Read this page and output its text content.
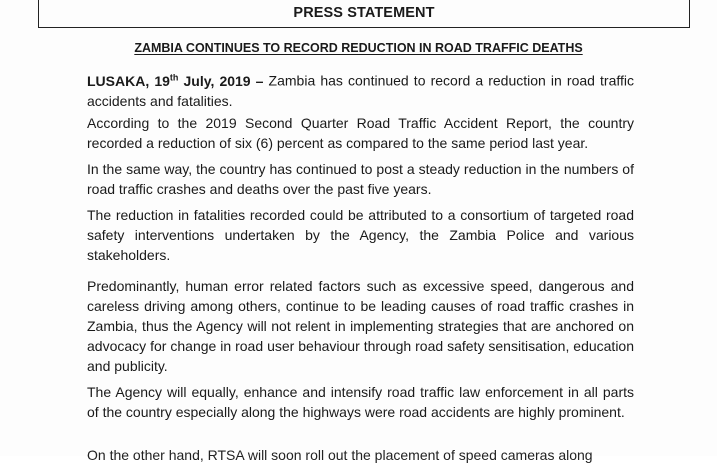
PRESS STATEMENT
ZAMBIA CONTINUES TO RECORD REDUCTION IN ROAD TRAFFIC DEATHS

LUSAKA, 19th July, 2019 – Zambia has continued to record a reduction in road traffic accidents and fatalities.

According to the 2019 Second Quarter Road Traffic Accident Report, the country recorded a reduction of six (6) percent as compared to the same period last year.

In the same way, the country has continued to post a steady reduction in the numbers of road traffic crashes and deaths over the past five years.

The reduction in fatalities recorded could be attributed to a consortium of targeted road safety interventions undertaken by the Agency, the Zambia Police and various stakeholders.

Predominantly, human error related factors such as excessive speed, dangerous and careless driving among others, continue to be leading causes of road traffic crashes in Zambia, thus the Agency will not relent in implementing strategies that are anchored on advocacy for change in road user behaviour through road safety sensitisation, education and publicity.

The Agency will equally, enhance and intensify road traffic law enforcement in all parts of the country especially along the highways were road accidents are highly prominent.

On the other hand, RTSA will soon roll out the placement of speed cameras along
